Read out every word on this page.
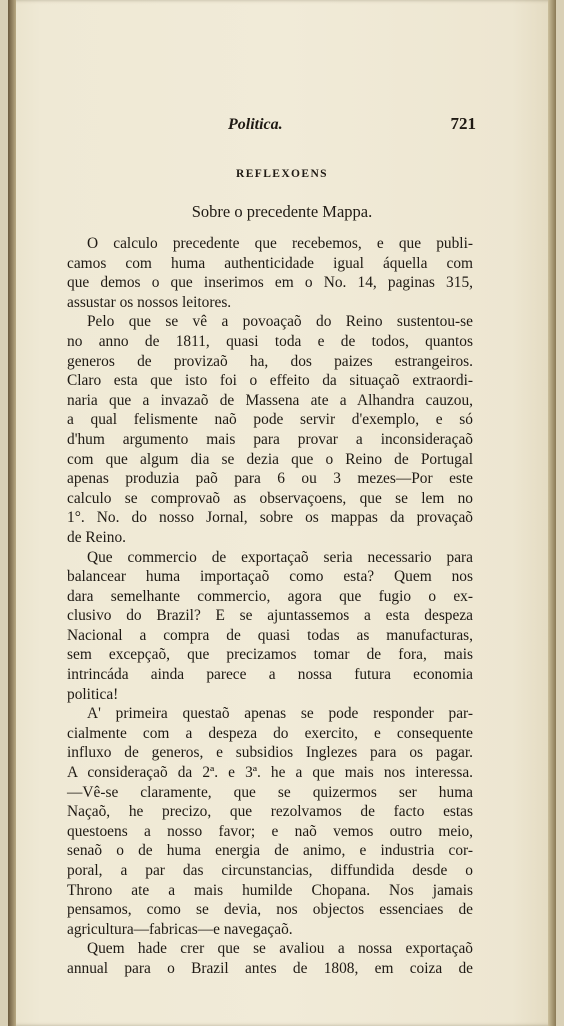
Politica.	721
REFLEXOENS
Sobre o precedente Mappa.
O calculo precedente que recebemos, e que publi-
camos com huma authenticidade igual áquella com
que demos o que inserimos em o No. 14, paginas 315,
assustar os nossos leitores.
Pelo que se vê a povoaçaõ do Reino sustentou-se
no anno de 1811, quasi toda e de todos, quantos
generos de provizaõ ha, dos paizes estrangeiros.
Claro esta que isto foi o effeito da situaçaõ extraordi-
naria que a invazaõ de Massena ate a Alhandra cauzou,
a qual felismente naõ pode servir d'exemplo, e só
d'hum argumento mais para provar a inconsideraçaõ
com que algum dia se dezia que o Reino de Portugal
apenas produzia paõ para 6 ou 3 mezes—Por este
calculo se comprovaõ as observaçoens, que se lem no
1°. No. do nosso Jornal, sobre os mappas da provaçaõ
de Reino.
Que commercio de exportaçaõ seria necessario para
balancear huma importaçaõ como esta? Quem nos
dara semelhante commercio, agora que fugio o ex-
clusivo do Brazil? E se ajuntassemos a esta despeza
Nacional a compra de quasi todas as manufacturas,
sem excepçaõ, que precizamos tomar de fora, mais
intrincáda ainda parece a nossa futura economia
politica!
A' primeira questaõ apenas se pode responder par-
cialmente com a despeza do exercito, e consequente
influxo de generos, e subsidios Inglezes para os pagar.
A consideraçaõ da 2ª. e 3ª. he a que mais nos interessa.
—Vê-se claramente, que se quizermos ser huma
Naçaõ, he precizo, que rezolvamos de facto estas
questoens a nosso favor; e naõ vemos outro meio,
senaõ o de huma energia de animo, e industria cor-
poral, a par das circunstancias, diffundida desde o
Throno ate a mais humilde Chopana. Nos jamais
pensamos, como se devia, nos objectos essenciaes de
agricultura—fabricas—e navegaçaõ.
Quem hade crer que se avaliou a nossa exportaçaõ
annual para o Brazil antes de 1808, em coiza de
